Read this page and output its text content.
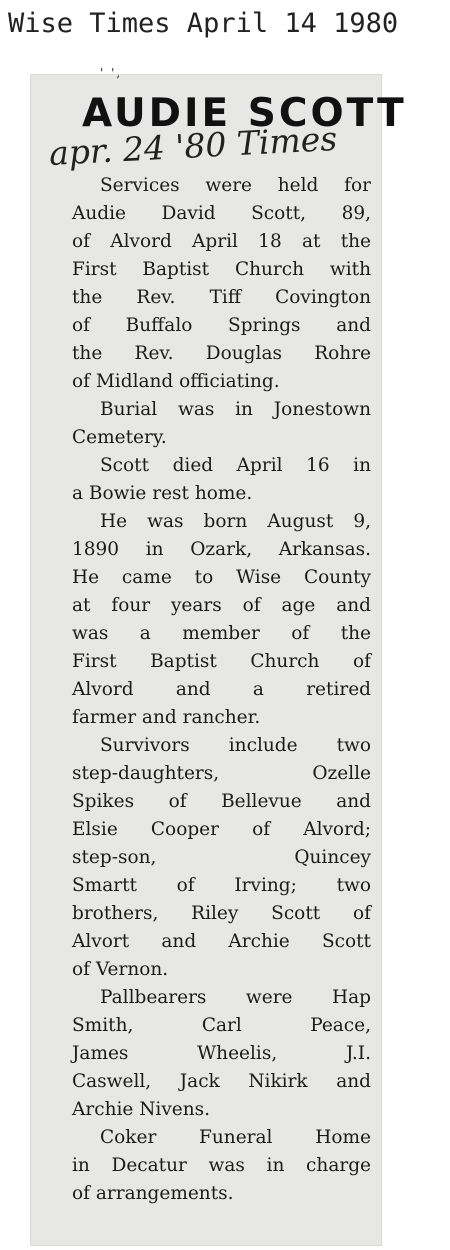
Wise Times April 14 1980
' ',
AUDIE SCOTT
apr. 24 '80 Times
Services were held for
Audie David Scott, 89,
of Alvord April 18 at the
First Baptist Church with
the Rev. Tiff Covington
of Buffalo Springs and
the Rev. Douglas Rohre
of Midland officiating.
Burial was in Jonestown
Cemetery.
Scott died April 16 in
a Bowie rest home.
He was born August 9,
1890 in Ozark, Arkansas.
He came to Wise County
at four years of age and
was a member of the
First Baptist Church of
Alvord and a retired
farmer and rancher.
Survivors include two
step-daughters, Ozelle
Spikes of Bellevue and
Elsie Cooper of Alvord;
step-son, Quincey
Smartt of Irving; two
brothers, Riley Scott of
Alvort and Archie Scott
of Vernon.
Pallbearers were Hap
Smith, Carl Peace,
James Wheelis, J.I.
Caswell, Jack Nikirk and
Archie Nivens.
Coker Funeral Home
in Decatur was in charge
of arrangements.
